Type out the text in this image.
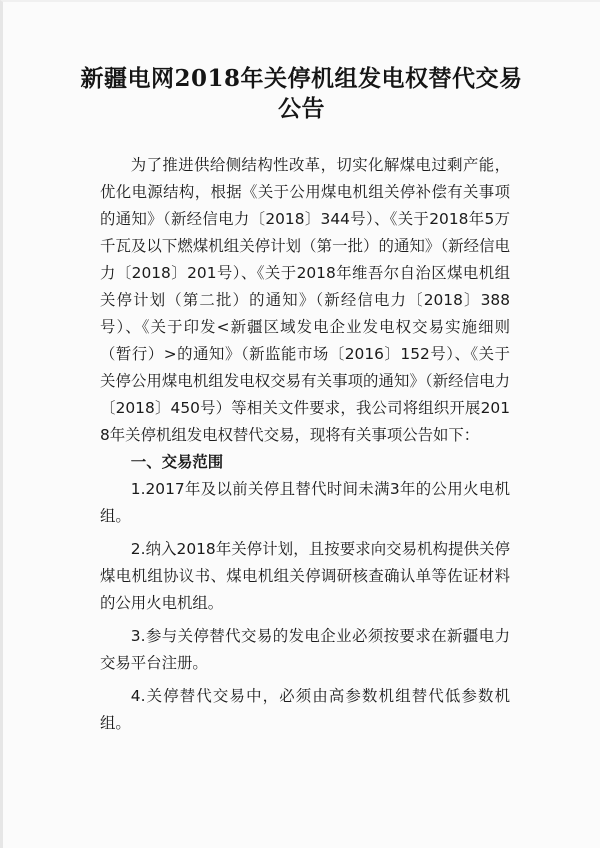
新疆电网2018年关停机组发电权替代交易
公告

为了推进供给侧结构性改革，切实化解煤电过剩产能，优化电源结构，根据《关于公用煤电机组关停补偿有关事项的通知》（新经信电力〔2018〕344号）、《关于2018年5万千瓦及以下燃煤机组关停计划（第一批）的通知》（新经信电力〔2018〕201号）、《关于2018年维吾尔自治区煤电机组关停计划（第二批）的通知》（新经信电力〔2018〕388号）、《关于印发<新疆区域发电企业发电权交易实施细则（暂行）>的通知》（新监能市场〔2016〕152号）、《关于关停公用煤电机组发电权交易有关事项的通知》（新经信电力〔2018〕450号）等相关文件要求，我公司将组织开展2018年关停机组发电权替代交易，现将有关事项公告如下：

一、交易范围

1.2017年及以前关停且替代时间未满3年的公用火电机组。

2.纳入2018年关停计划，且按要求向交易机构提供关停煤电机组协议书、煤电机组关停调研核查确认单等佐证材料的公用火电机组。

3.参与关停替代交易的发电企业必须按要求在新疆电力交易平台注册。

4.关停替代交易中，必须由高参数机组替代低参数机组。
